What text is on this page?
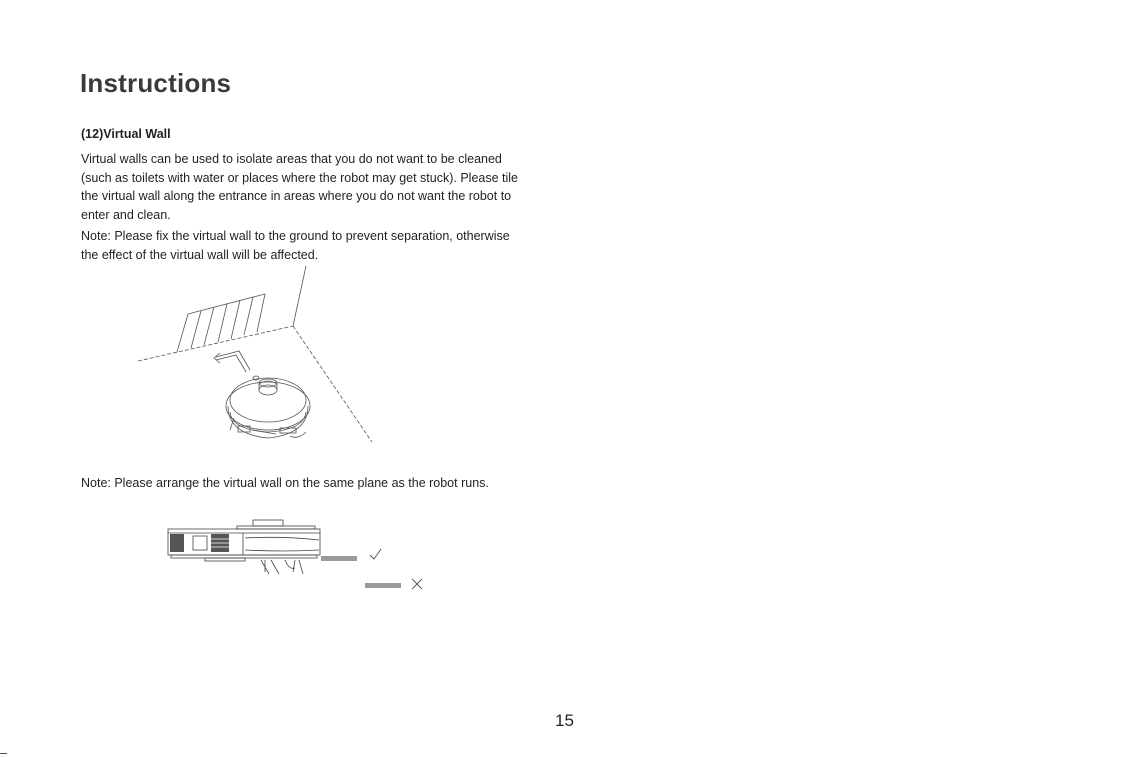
Instructions
(12)Virtual Wall
Virtual walls can be used to isolate areas that you do not want to be cleaned (such as toilets with water or places where the robot may get stuck). Please tile the virtual wall along the entrance in areas where you do not want the robot to enter and clean.
Note: Please fix the virtual wall to the ground to prevent separation, otherwise the effect of the virtual wall will be affected.
Note: Please arrange the virtual wall on the same plane as the robot runs.
15
